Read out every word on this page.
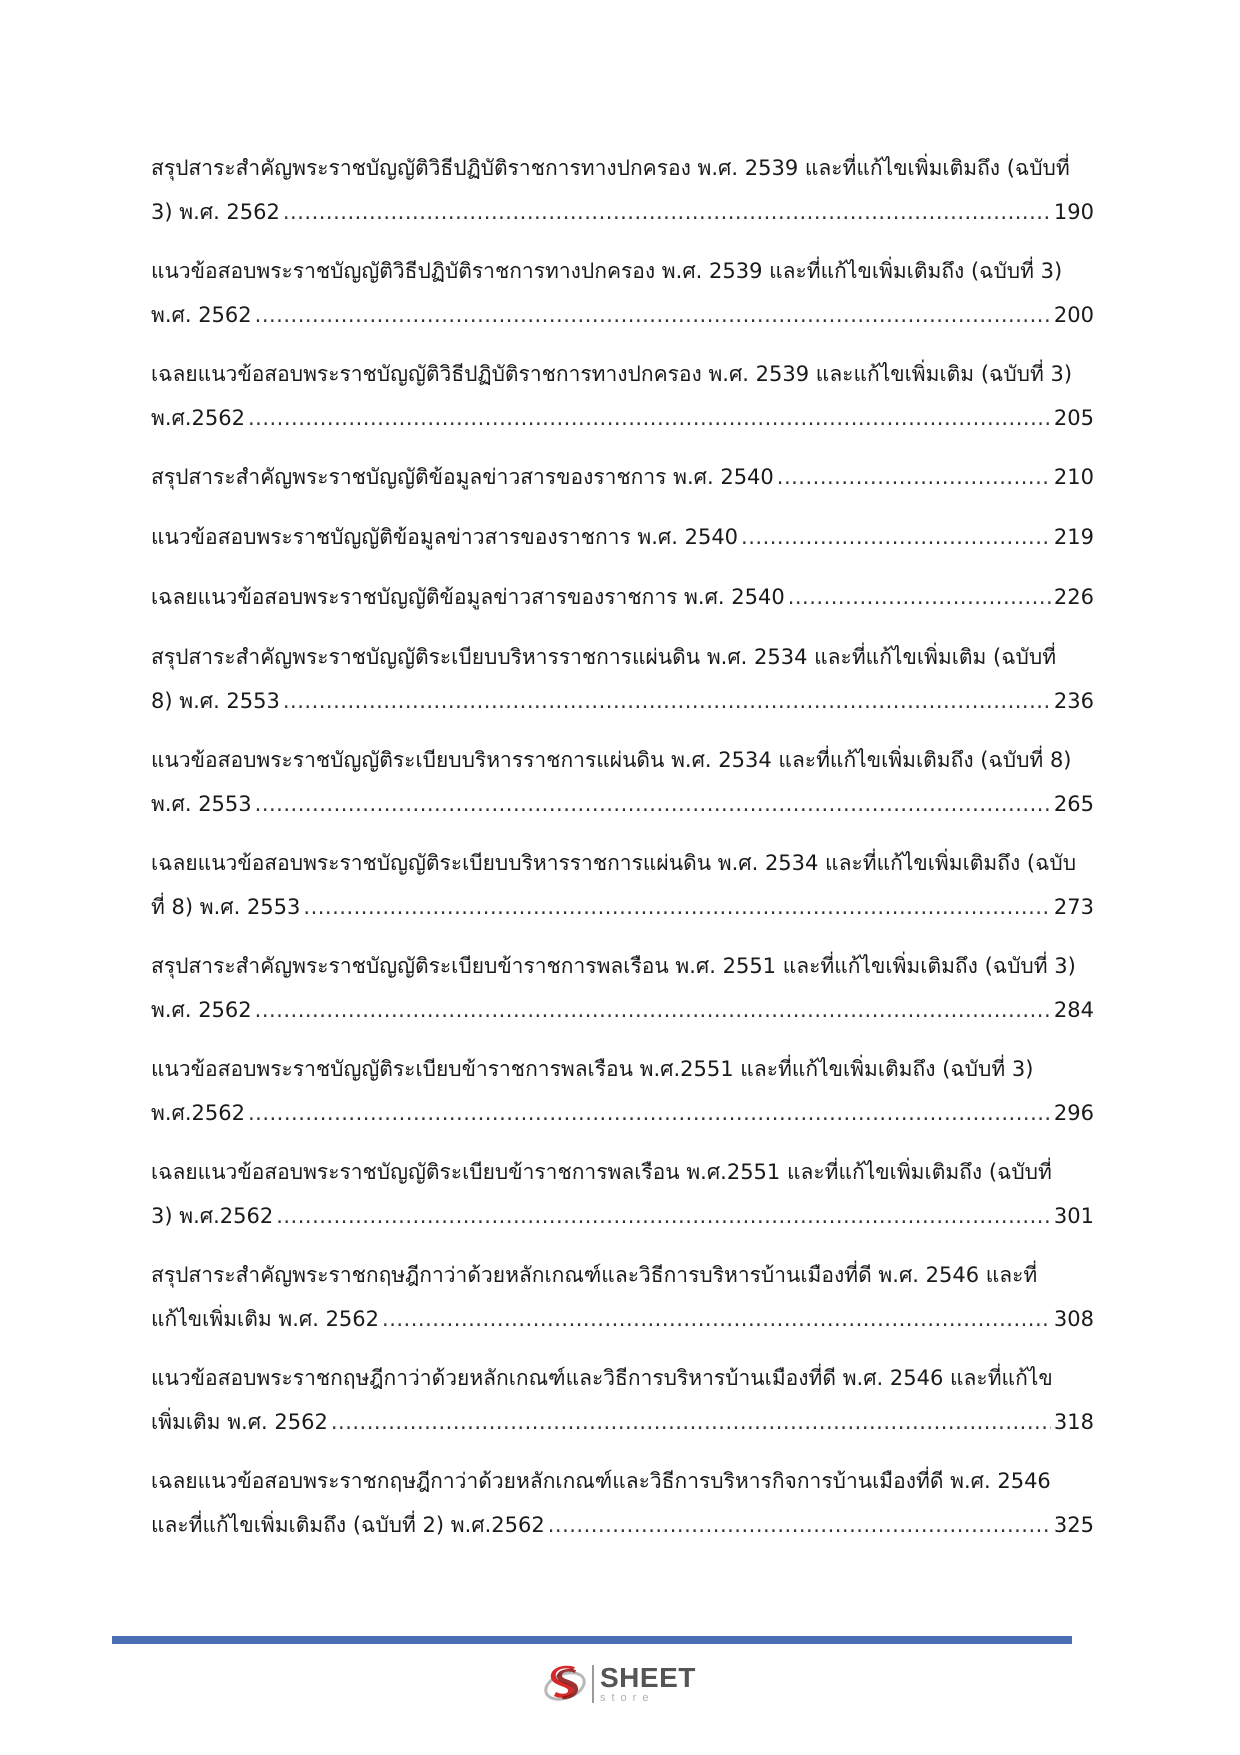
สรุปสาระสำคัญพระราชบัญญัติวิธีปฏิบัติราชการทางปกครอง พ.ศ. 2539 และที่แก้ไขเพิ่มเติมถึง (ฉบับที่
3) พ.ศ. 2562 .....	190
แนวข้อสอบพระราชบัญญัติวิธีปฏิบัติราชการทางปกครอง พ.ศ. 2539 และที่แก้ไขเพิ่มเติมถึง (ฉบับที่ 3)
พ.ศ. 2562 .....	200
เฉลยแนวข้อสอบพระราชบัญญัติวิธีปฏิบัติราชการทางปกครอง พ.ศ. 2539 และแก้ไขเพิ่มเติม (ฉบับที่ 3)
พ.ศ.2562 .....	205
สรุปสาระสำคัญพระราชบัญญัติข้อมูลข่าวสารของราชการ พ.ศ. 2540 .....	210
แนวข้อสอบพระราชบัญญัติข้อมูลข่าวสารของราชการ พ.ศ. 2540 .....	219
เฉลยแนวข้อสอบพระราชบัญญัติข้อมูลข่าวสารของราชการ พ.ศ. 2540 .....	226
สรุปสาระสำคัญพระราชบัญญัติระเบียบบริหารราชการแผ่นดิน พ.ศ. 2534 และที่แก้ไขเพิ่มเติม (ฉบับที่
8) พ.ศ. 2553 .....	236
แนวข้อสอบพระราชบัญญัติระเบียบบริหารราชการแผ่นดิน พ.ศ. 2534 และที่แก้ไขเพิ่มเติมถึง (ฉบับที่ 8)
พ.ศ. 2553 .....	265
เฉลยแนวข้อสอบพระราชบัญญัติระเบียบบริหารราชการแผ่นดิน พ.ศ. 2534 และที่แก้ไขเพิ่มเติมถึง (ฉบับ
ที่ 8) พ.ศ. 2553 .....	273
สรุปสาระสำคัญพระราชบัญญัติระเบียบข้าราชการพลเรือน พ.ศ. 2551 และที่แก้ไขเพิ่มเติมถึง (ฉบับที่ 3)
พ.ศ. 2562 .....	284
แนวข้อสอบพระราชบัญญัติระเบียบข้าราชการพลเรือน พ.ศ.2551 และที่แก้ไขเพิ่มเติมถึง (ฉบับที่ 3)
พ.ศ.2562 .....	296
เฉลยแนวข้อสอบพระราชบัญญัติระเบียบข้าราชการพลเรือน พ.ศ.2551 และที่แก้ไขเพิ่มเติมถึง (ฉบับที่
3) พ.ศ.2562 .....	301
สรุปสาระสำคัญพระราชกฤษฎีกาว่าด้วยหลักเกณฑ์และวิธีการบริหารบ้านเมืองที่ดี พ.ศ. 2546 และที่
แก้ไขเพิ่มเติม พ.ศ. 2562 .....	308
แนวข้อสอบพระราชกฤษฎีกาว่าด้วยหลักเกณฑ์และวิธีการบริหารบ้านเมืองที่ดี พ.ศ. 2546 และที่แก้ไข
เพิ่มเติม พ.ศ. 2562 .....	318
เฉลยแนวข้อสอบพระราชกฤษฎีกาว่าด้วยหลักเกณฑ์และวิธีการบริหารกิจการบ้านเมืองที่ดี พ.ศ. 2546
และที่แก้ไขเพิ่มเติมถึง (ฉบับที่ 2) พ.ศ.2562 .....	325
SHEET
store
